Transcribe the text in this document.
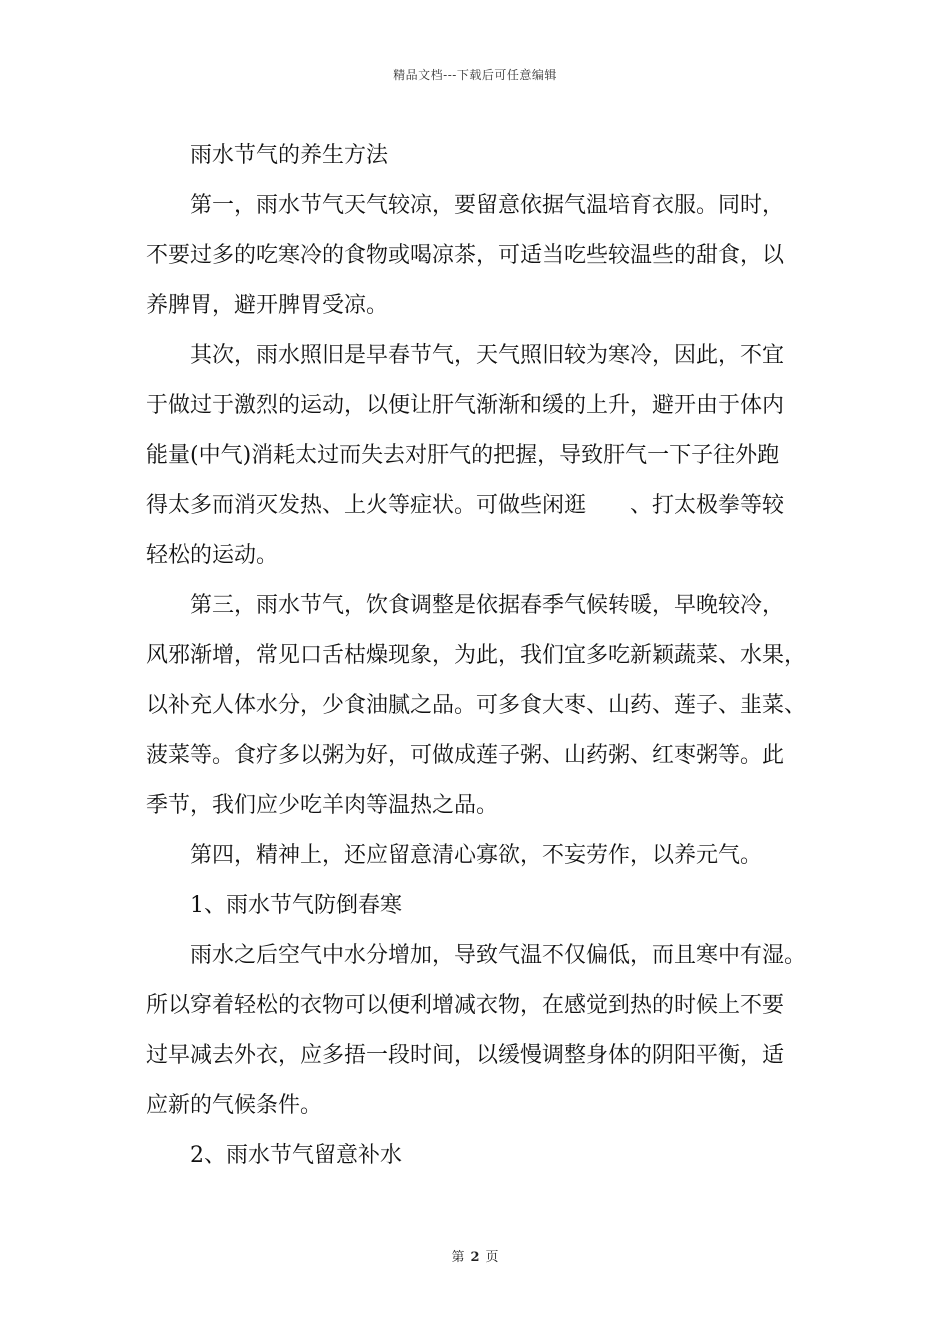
精品文档---下载后可任意编辑

雨水节气的养生方法

第一，雨水节气天气较凉，要留意依据气温培育衣服。同时，

不要过多的吃寒冷的食物或喝凉茶，可适当吃些较温些的甜食，以

养脾胃，避开脾胃受凉。

其次，雨水照旧是早春节气，天气照旧较为寒冷，因此，不宜

于做过于激烈的运动，以便让肝气渐渐和缓的上升，避开由于体内

能量(中气)消耗太过而失去对肝气的把握，导致肝气一下子往外跑

得太多而消灭发热、上火等症状。可做些闲逛　　、打太极拳等较

轻松的运动。

第三，雨水节气，饮食调整是依据春季气候转暖，早晚较冷，

风邪渐增，常见口舌枯燥现象，为此，我们宜多吃新颖蔬菜、水果，

以补充人体水分，少食油腻之品。可多食大枣、山药、莲子、韭菜、

菠菜等。食疗多以粥为好，可做成莲子粥、山药粥、红枣粥等。此

季节，我们应少吃羊肉等温热之品。

第四，精神上，还应留意清心寡欲，不妄劳作，以养元气。

1、雨水节气防倒春寒

雨水之后空气中水分增加，导致气温不仅偏低，而且寒中有湿。

所以穿着轻松的衣物可以便利增减衣物，在感觉到热的时候上不要

过早减去外衣，应多捂一段时间，以缓慢调整身体的阴阳平衡，适

应新的气候条件。

2、雨水节气留意补水

第 2 页
